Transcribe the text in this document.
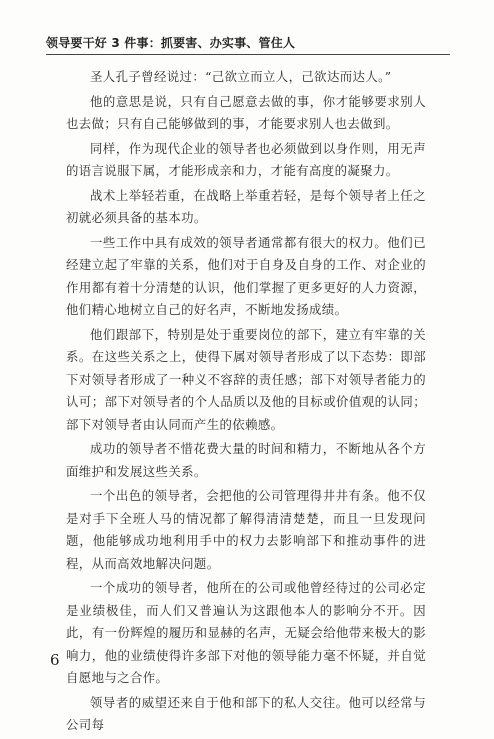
领导要干好 3 件事：抓要害、办实事、管住人

圣人孔子曾经说过：“己欲立而立人，己欲达而达人。”

他的意思是说，只有自己愿意去做的事，你才能够要求别人也去做；只有自己能够做到的事，才能要求别人也去做到。

同样，作为现代企业的领导者也必须做到以身作则，用无声的语言说服下属，才能形成亲和力，才能有高度的凝聚力。

战术上举轻若重，在战略上举重若轻，是每个领导者上任之初就必须具备的基本功。

一些工作中具有成效的领导者通常都有很大的权力。他们已经建立起了牢靠的关系，他们对于自身及自身的工作、对企业的作用都有着十分清楚的认识，他们掌握了更多更好的人力资源，他们精心地树立自己的好名声，不断地发扬成绩。

他们跟部下，特别是处于重要岗位的部下，建立有牢靠的关系。在这些关系之上，使得下属对领导者形成了以下态势：即部下对领导者形成了一种义不容辞的责任感；部下对领导者能力的认可；部下对领导者的个人品质以及他的目标或价值观的认同；部下对领导者由认同而产生的依赖感。

成功的领导者不惜花费大量的时间和精力，不断地从各个方面维护和发展这些关系。

一个出色的领导者，会把他的公司管理得井井有条。他不仅是对手下全班人马的情况都了解得清清楚楚，而且一旦发现问题，他能够成功地利用手中的权力去影响部下和推动事件的进程，从而高效地解决问题。

一个成功的领导者，他所在的公司或他曾经待过的公司必定是业绩极佳，而人们又普遍认为这跟他本人的影响分不开。因此，有一份辉煌的履历和显赫的名声，无疑会给他带来极大的影响力，他的业绩使得许多部下对他的领导能力毫不怀疑，并自觉自愿地与之合作。

领导者的威望还来自于他和部下的私人交往。他可以经常与公司每

6
